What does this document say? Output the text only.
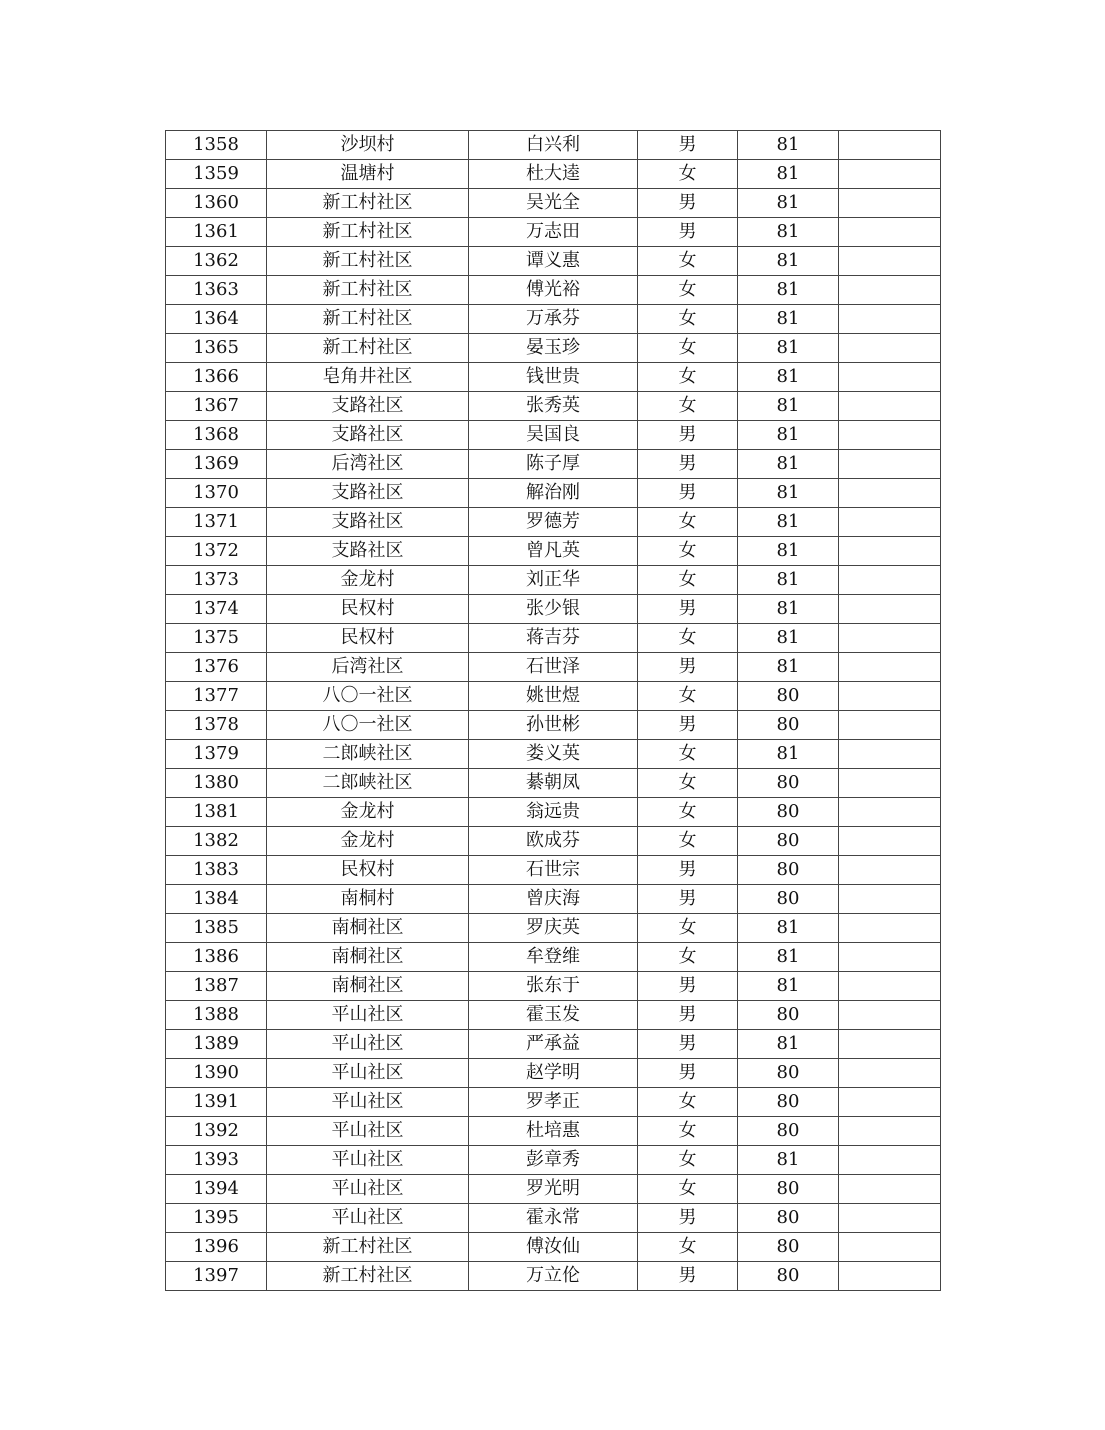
1358	沙坝村	白兴利	男	81	
1359	温塘村	杜大逵	女	81	
1360	新工村社区	吴光全	男	81	
1361	新工村社区	万志田	男	81	
1362	新工村社区	谭义惠	女	81	
1363	新工村社区	傅光裕	女	81	
1364	新工村社区	万承芬	女	81	
1365	新工村社区	晏玉珍	女	81	
1366	皂角井社区	钱世贵	女	81	
1367	支路社区	张秀英	女	81	
1368	支路社区	吴国良	男	81	
1369	后湾社区	陈子厚	男	81	
1370	支路社区	解治刚	男	81	
1371	支路社区	罗德芳	女	81	
1372	支路社区	曾凡英	女	81	
1373	金龙村	刘正华	女	81	
1374	民权村	张少银	男	81	
1375	民权村	蒋吉芬	女	81	
1376	后湾社区	石世泽	男	81	
1377	八〇一社区	姚世煜	女	80	
1378	八〇一社区	孙世彬	男	80	
1379	二郎峡社区	娄义英	女	81	
1380	二郎峡社区	綦朝凤	女	80	
1381	金龙村	翁远贵	女	80	
1382	金龙村	欧成芬	女	80	
1383	民权村	石世宗	男	80	
1384	南桐村	曾庆海	男	80	
1385	南桐社区	罗庆英	女	81	
1386	南桐社区	牟登维	女	81	
1387	南桐社区	张东于	男	81	
1388	平山社区	霍玉发	男	80	
1389	平山社区	严承益	男	81	
1390	平山社区	赵学明	男	80	
1391	平山社区	罗孝正	女	80	
1392	平山社区	杜培惠	女	80	
1393	平山社区	彭章秀	女	81	
1394	平山社区	罗光明	女	80	
1395	平山社区	霍永常	男	80	
1396	新工村社区	傅汝仙	女	80	
1397	新工村社区	万立伦	男	80	
